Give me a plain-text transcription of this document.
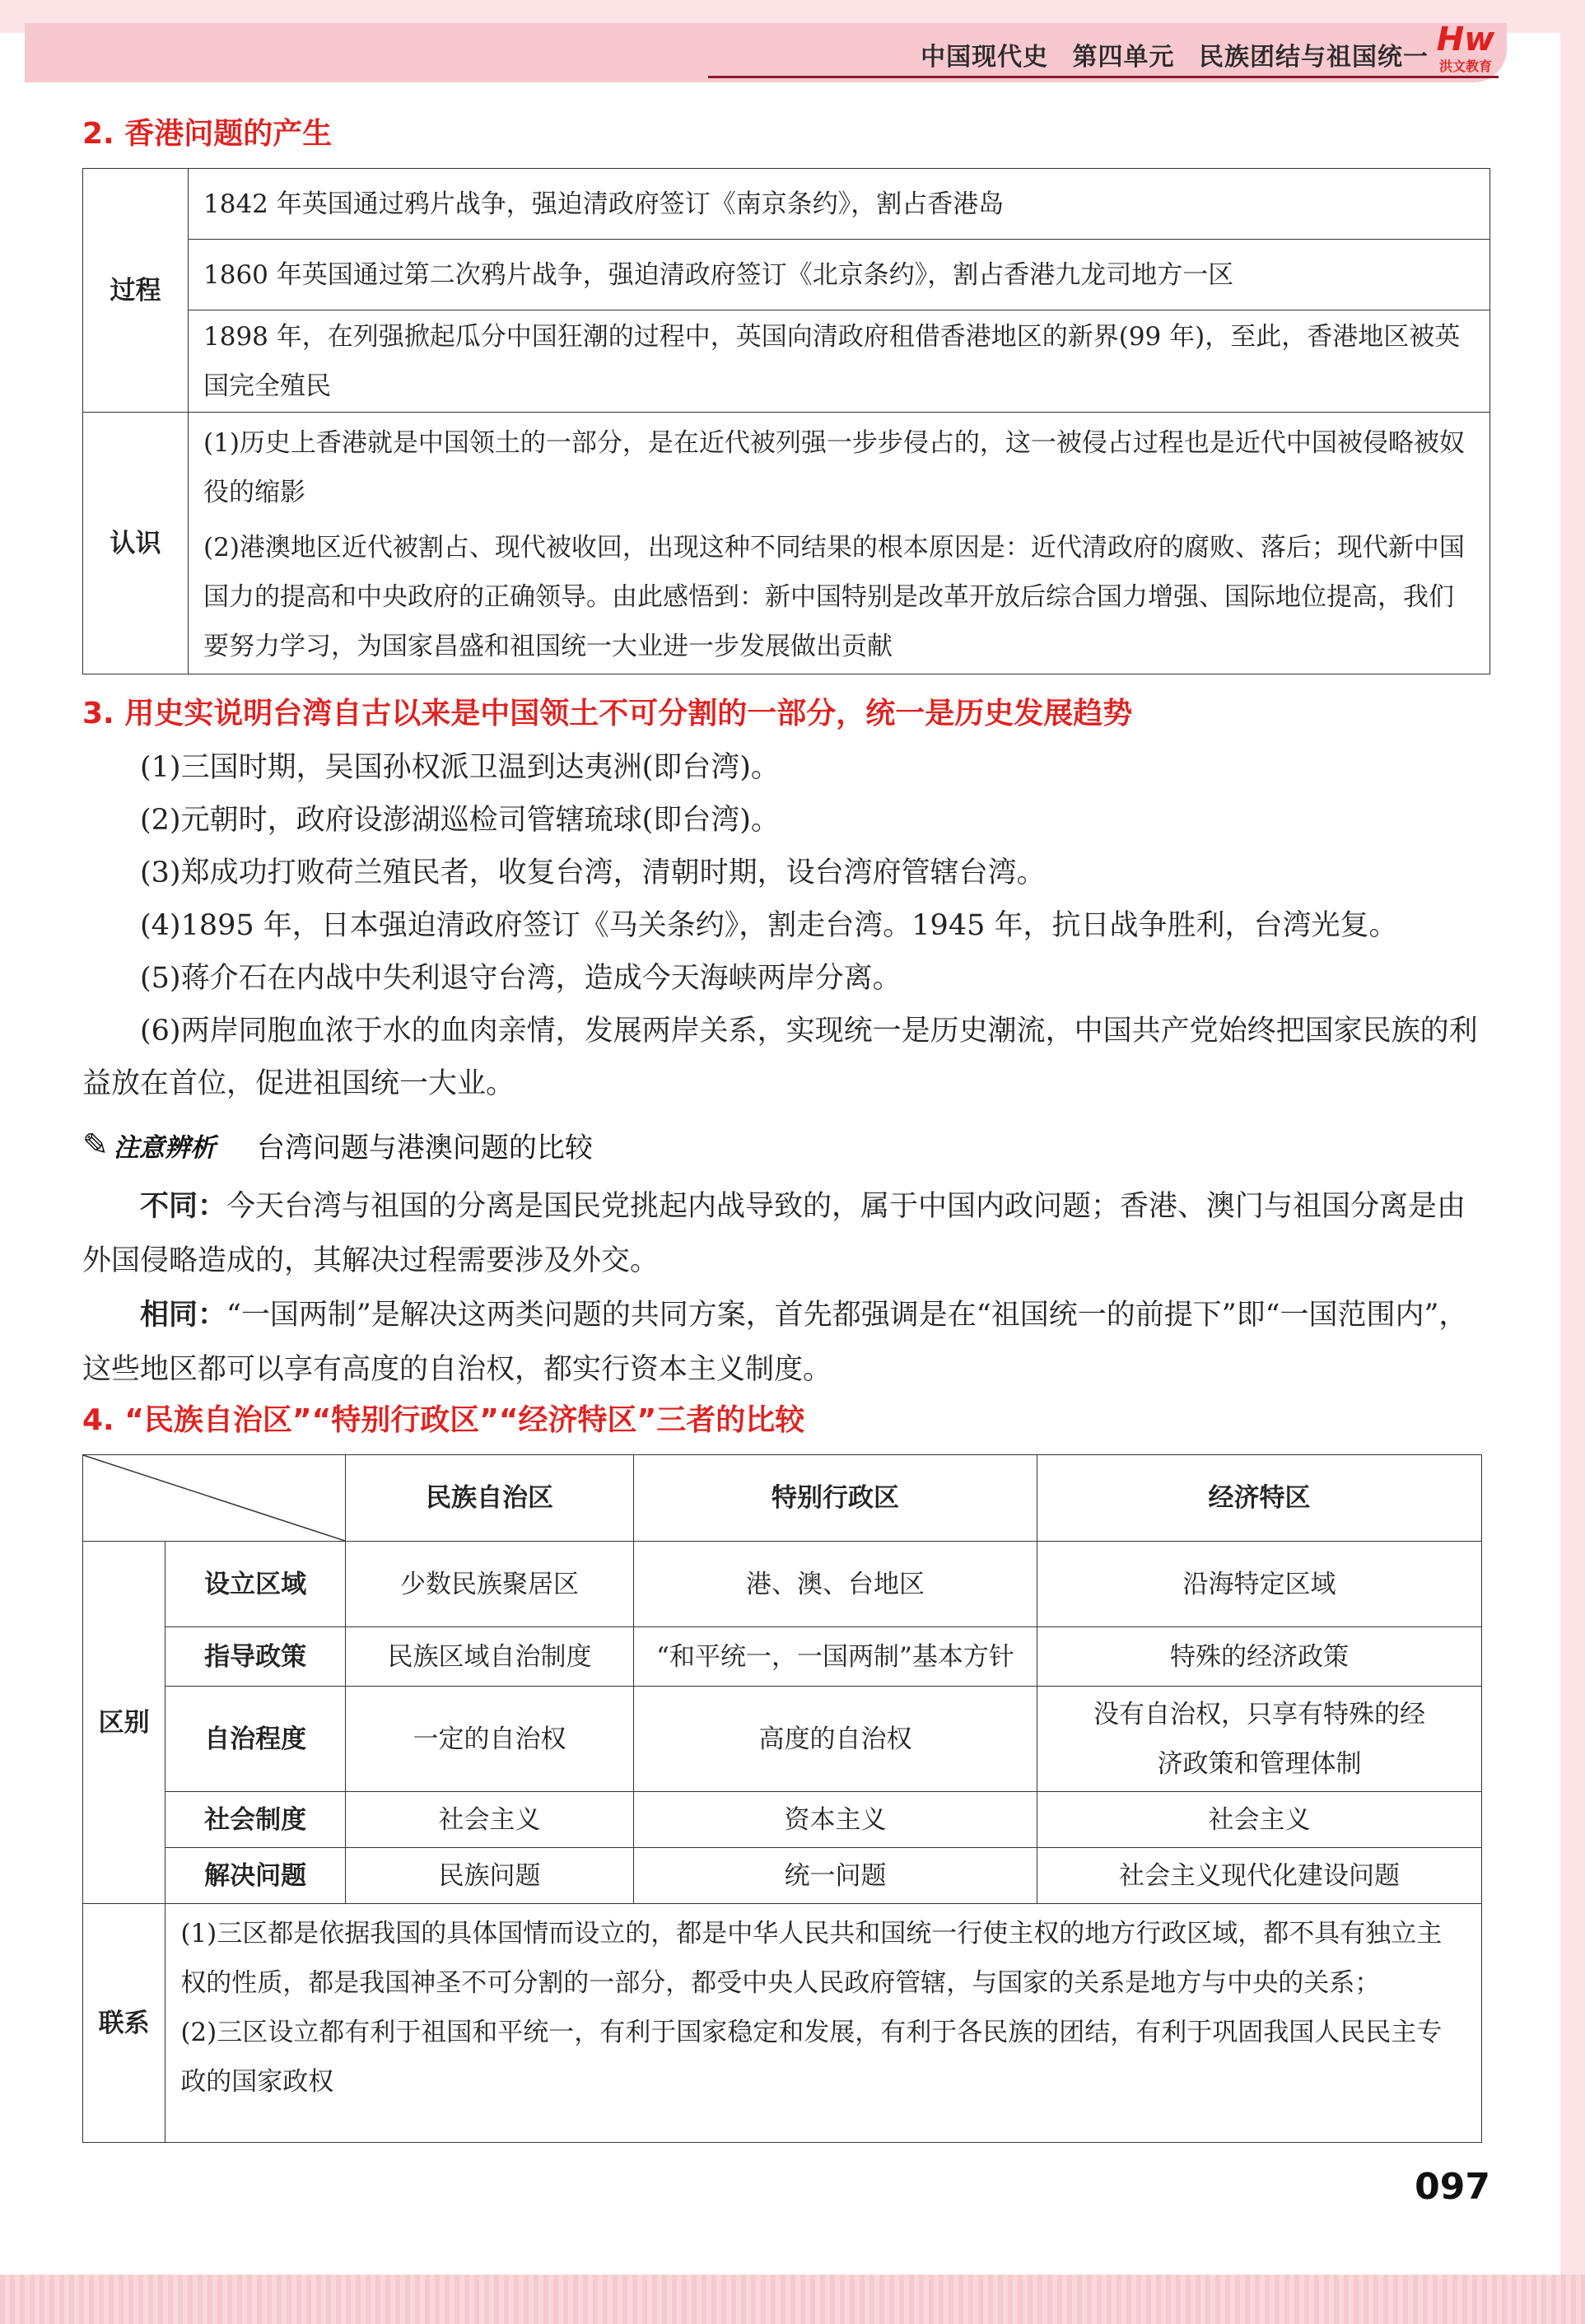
中国现代史 第四单元 民族团结与祖国统一 Hw
洪文教育
2. 香港问题的产生
过程	1842 年英国通过鸦片战争，强迫清政府签订《南京条约》，割占香港岛
	1860 年英国通过第二次鸦片战争，强迫清政府签订《北京条约》，割占香港九龙司地方一区
	1898 年，在列强掀起瓜分中国狂潮的过程中，英国向清政府租借香港地区的新界(99 年)，至此，香港地区被英国完全殖民
认识	(1)历史上香港就是中国领土的一部分，是在近代被列强一步步侵占的，这一被侵占过程也是近代中国被侵略被奴役的缩影
	(2)港澳地区近代被割占、现代被收回，出现这种不同结果的根本原因是：近代清政府的腐败、落后；现代新中国国力的提高和中央政府的正确领导。由此感悟到：新中国特别是改革开放后综合国力增强、国际地位提高，我们要努力学习，为国家昌盛和祖国统一大业进一步发展做出贡献
3. 用史实说明台湾自古以来是中国领土不可分割的一部分，统一是历史发展趋势

(1)三国时期，吴国孙权派卫温到达夷洲(即台湾)。

(2)元朝时，政府设澎湖巡检司管辖琉球(即台湾)。

(3)郑成功打败荷兰殖民者，收复台湾，清朝时期，设台湾府管辖台湾。

(4)1895 年，日本强迫清政府签订《马关条约》，割走台湾。1945 年，抗日战争胜利，台湾光复。

(5)蒋介石在内战中失利退守台湾，造成今天海峡两岸分离。

(6)两岸同胞血浓于水的血肉亲情，发展两岸关系，实现统一是历史潮流，中国共产党始终把国家民族的利益放在首位，促进祖国统一大业。

✎ 注意辨析 台湾问题与港澳问题的比较

不同：今天台湾与祖国的分离是国民党挑起内战导致的，属于中国内政问题；香港、澳门与祖国分离是由外国侵略造成的，其解决过程需要涉及外交。

相同：“一国两制”是解决这两类问题的共同方案，首先都强调是在“祖国统一的前提下”即“一国范围内”，这些地区都可以享有高度的自治权，都实行资本主义制度。

4. “民族自治区”“特别行政区”“经济特区”三者的比较
	民族自治区	特别行政区	经济特区
区别	设立区域	少数民族聚居区	港、澳、台地区	沿海特定区域
	指导政策	民族区域自治制度	“和平统一，一国两制”基本方针	特殊的经济政策
	自治程度	一定的自治权	高度的自治权	没有自治权，只享有特殊的经济政策和管理体制
	社会制度	社会主义	资本主义	社会主义
	解决问题	民族问题	统一问题	社会主义现代化建设问题
联系	(1)三区都是依据我国的具体国情而设立的，都是中华人民共和国统一行使主权的地方行政区域，都不具有独立主权的性质，都是我国神圣不可分割的一部分，都受中央人民政府管辖，与国家的关系是地方与中央的关系；
(2)三区设立都有利于祖国和平统一，有利于国家稳定和发展，有利于各民族的团结，有利于巩固我国人民民主专政的国家政权			
097
